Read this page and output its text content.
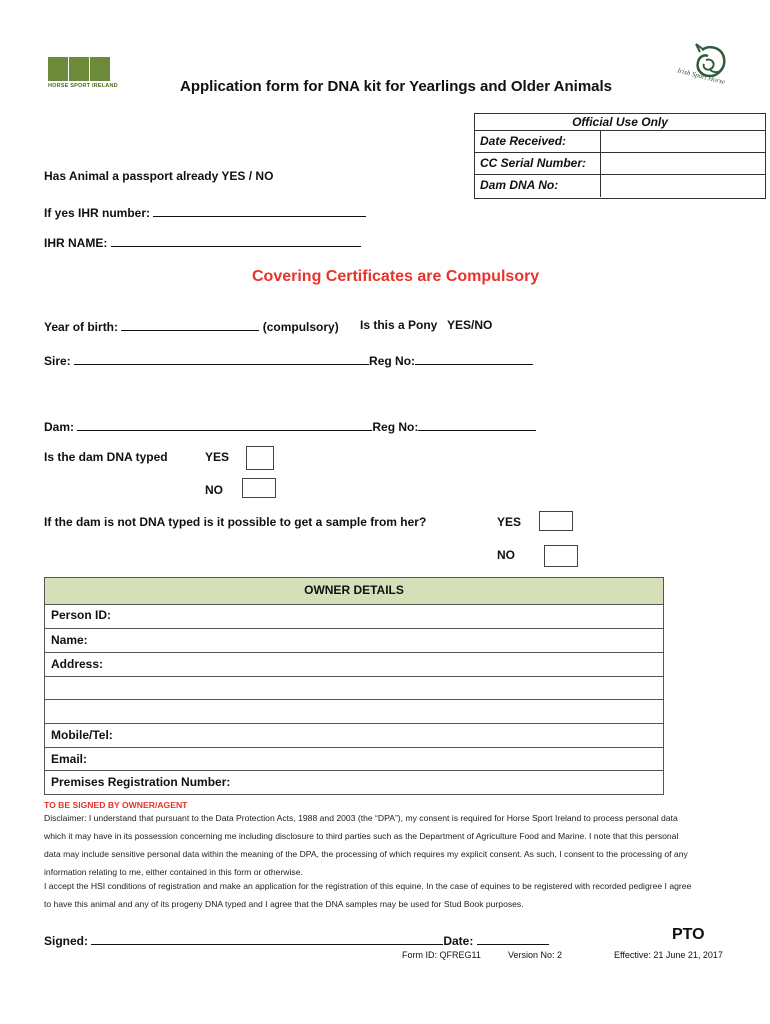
HORSE SPORT IRELAND	Irish Sport Horse
Application form for DNA kit for Yearlings and Older Animals
Official Use Only
Date Received:
CC Serial Number:
Dam DNA No:
Has Animal a passport already YES / NO
If yes IHR number:
IHR NAME:
Covering Certificates are Compulsory
Year of birth:	(compulsory) Is this a Pony YES/NO
Sire:	Reg No:
Dam:	Reg No:
Is the dam DNA typed	YES
NO
If the dam is not DNA typed is it possible to get a sample from her?	YES
NO
OWNER DETAILS
Person ID:
Name:
Address:
Mobile/Tel:
Email:
Premises Registration Number:
TO BE SIGNED BY OWNER/AGENT
Disclaimer: I understand that pursuant to the Data Protection Acts, 1988 and 2003 (the “DPA”), my consent is required for Horse Sport Ireland to process personal data
which it may have in its possession concerning me including disclosure to third parties such as the Department of Agriculture Food and Marine. I note that this personal
data may include sensitive personal data within the meaning of the DPA, the processing of which requires my explicit consent. As such, I consent to the processing of any
information relating to me, either contained in this form or otherwise.
I accept the HSI conditions of registration and make an application for the registration of this equine. In the case of equines to be registered with recorded pedigree I agree
to have this animal and any of its progeny DNA typed and I agree that the DNA samples may be used for Stud Book purposes.
Signed:	Date:	PTO
Form ID: QFREG11	Version No: 2	Effective: 21 June 21, 2017
